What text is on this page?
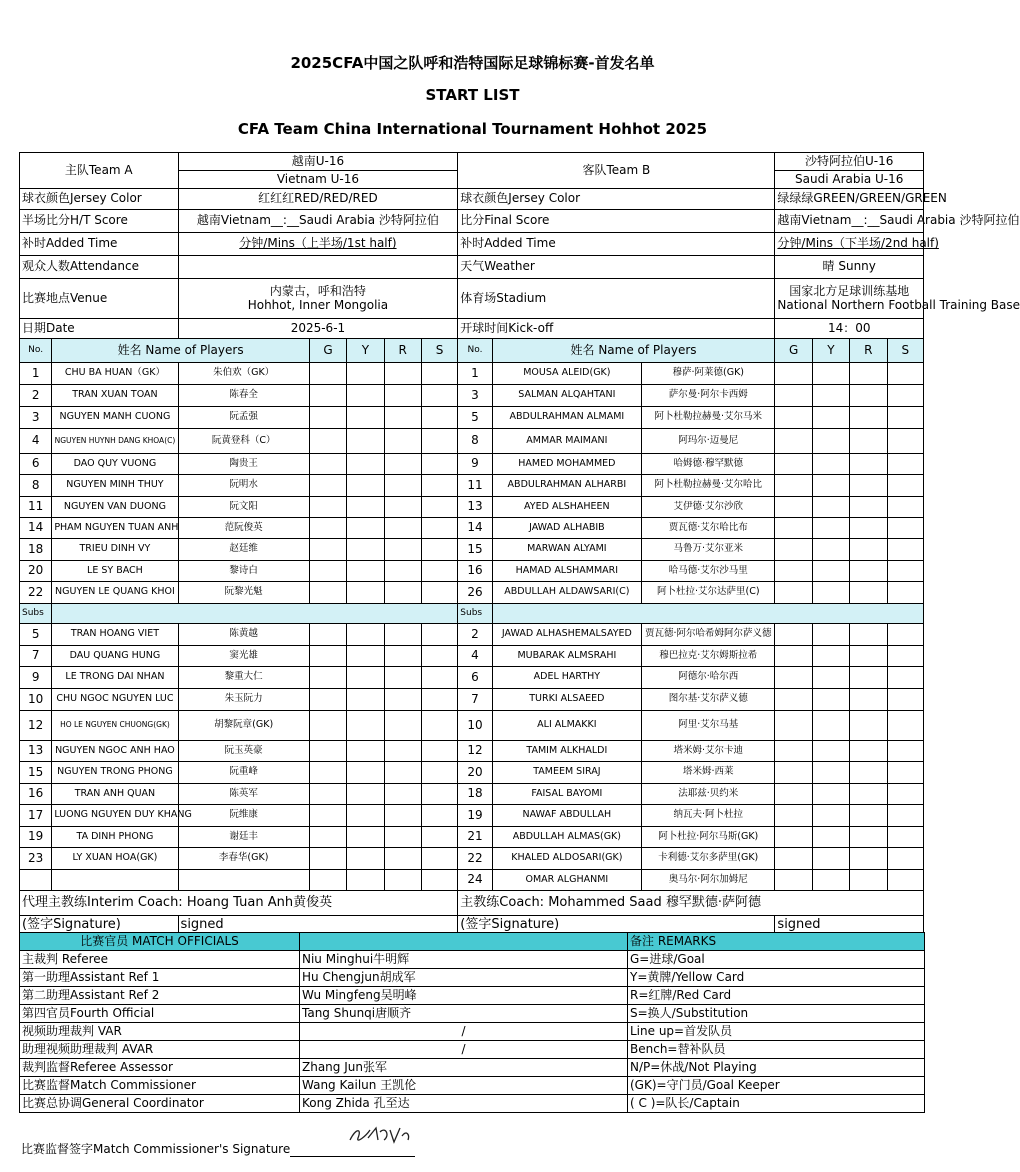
2025CFA中国之队呼和浩特国际足球锦标赛-首发名单
START LIST
CFA Team China International Tournament Hohhot 2025
主队Team A		越南U-16					客队Team B			沙特阿拉伯U-16			
		Vietnam U-16								Saudi Arabia U-16			
球衣颜色Jersey Color		红红红RED/RED/RED					球衣颜色Jersey Color			绿绿绿GREEN/GREEN/GREEN			
半场比分H/T Score		越南Vietnam__:__Saudi Arabia 沙特阿拉伯					比分Final Score			越南Vietnam__:__Saudi Arabia 沙特阿拉伯			
补时Added Time		分钟/Mins（上半场/1st half)					补时Added Time			分钟/Mins（下半场/2nd half)			
观众人数Attendance							天气Weather			晴 Sunny			
比赛地点Venue		内蒙古，呼和浩特
Hohhot, Inner Mongolia					体育场Stadium			国家北方足球训练基地
National Northern Football Training Base			
日期Date		2025-6-1					开球时间Kick-off			14：00			
No.	姓名 Name of Players		G	Y	R	S	No.	姓名 Name of Players		G	Y	R	S
1	CHU BA HUAN（GK）	朱伯欢（GK）					1	MOUSA ALEID(GK)	穆萨·阿莱德(GK)				
2	TRAN XUAN TOAN	陈春全					3	SALMAN ALQAHTANI	萨尔曼·阿尔卡西姆				
3	NGUYEN MANH CUONG	阮孟强					5	ABDULRAHMAN ALMAMI	阿卜杜勒拉赫曼·艾尔马米				
4	NGUYEN HUYNH DANG KHOA(C)	阮黄登科（C）					8	AMMAR MAIMANI	阿玛尔·迈曼尼				
6	DAO QUY VUONG	陶贵王					9	HAMED MOHAMMED	哈姆德·穆罕默德				
8	NGUYEN MINH THUY	阮明水					11	ABDULRAHMAN ALHARBI	阿卜杜勒拉赫曼·艾尔哈比				
11	NGUYEN VAN DUONG	阮文阳					13	AYED ALSHAHEEN	艾伊德·艾尔沙欣				
14	PHAM NGUYEN TUAN ANH	范阮俊英					14	JAWAD ALHABIB	贾瓦德·艾尔哈比布				
18	TRIEU DINH VY	赵廷维					15	MARWAN ALYAMI	马鲁万·艾尔亚米				
20	LE SY BACH	黎诗白					16	HAMAD ALSHAMMARI	哈马德·艾尔沙马里				
22	NGUYEN LE QUANG KHOI	阮黎光魁					26	ABDULLAH ALDAWSARI(C)	阿卜杜拉·艾尔达萨里(C)				
Subs							Subs						
5	TRAN HOANG VIET	陈黄越					2	JAWAD ALHASHEMALSAYED	贾瓦德·阿尔哈希姆阿尔萨义德				
7	DAU QUANG HUNG	窦光雄					4	MUBARAK ALMSRAHI	穆巴拉克·艾尔姆斯拉希				
9	LE TRONG DAI NHAN	黎重大仁					6	ADEL HARTHY	阿德尔·哈尔西				
10	CHU NGOC NGUYEN LUC	朱玉阮力					7	TURKI ALSAEED	图尔基·艾尔萨义德				
12	HO LE NGUYEN CHUONG(GK)	胡黎阮章(GK)					10	ALI ALMAKKI	阿里·艾尔马基				
13	NGUYEN NGOC ANH HAO	阮玉英豪					12	TAMIM ALKHALDI	塔米姆·艾尔卡迪				
15	NGUYEN TRONG PHONG	阮重峰					20	TAMEEM SIRAJ	塔米姆·西莱				
16	TRAN ANH QUAN	陈英军					18	FAISAL BAYOMI	法耶兹·贝约米				
17	LUONG NGUYEN DUY KHANG	阮维康					19	NAWAF ABDULLAH	纳瓦夫·阿卜杜拉				
19	TA DINH PHONG	谢廷丰					21	ABDULLAH ALMAS(GK)	阿卜杜拉·阿尔马斯(GK)				
23	LY XUAN HOA(GK)	李春华(GK)					22	KHALED ALDOSARI(GK)	卡利德·艾尔多萨里(GK)				
							24	OMAR ALGHANMI	奥马尔·阿尔加姆尼				
代理主教练Interim Coach: Hoang Tuan Anh黄俊英							主教练Coach: Mohammed Saad 穆罕默德·萨阿德						
(签字Signature)		signed					(签字Signature)			signed			
比赛官员 MATCH OFFICIALS		备注 REMARKS
主裁判 Referee	Niu Minghui牛明辉	G=进球/Goal
第一助理Assistant Ref 1	Hu Chengjun胡成军	Y=黄牌/Yellow Card
第二助理Assistant Ref 2	Wu Mingfeng吴明峰	R=红牌/Red Card
第四官员Fourth Official	Tang Shunqi唐顺齐	S=换人/Substitution
视频助理裁判 VAR	/	Line up=首发队员
助理视频助理裁判 AVAR	/	Bench=替补队员
裁判监督Referee Assessor	Zhang Jun张军	N/P=休战/Not Playing
比赛监督Match Commissioner	Wang Kailun 王凯伦	(GK)=守门员/Goal Keeper
比赛总协调General Coordinator	Kong Zhida 孔至达	( C )=队长/Captain
比赛监督签字Match Commissioner's Signature
